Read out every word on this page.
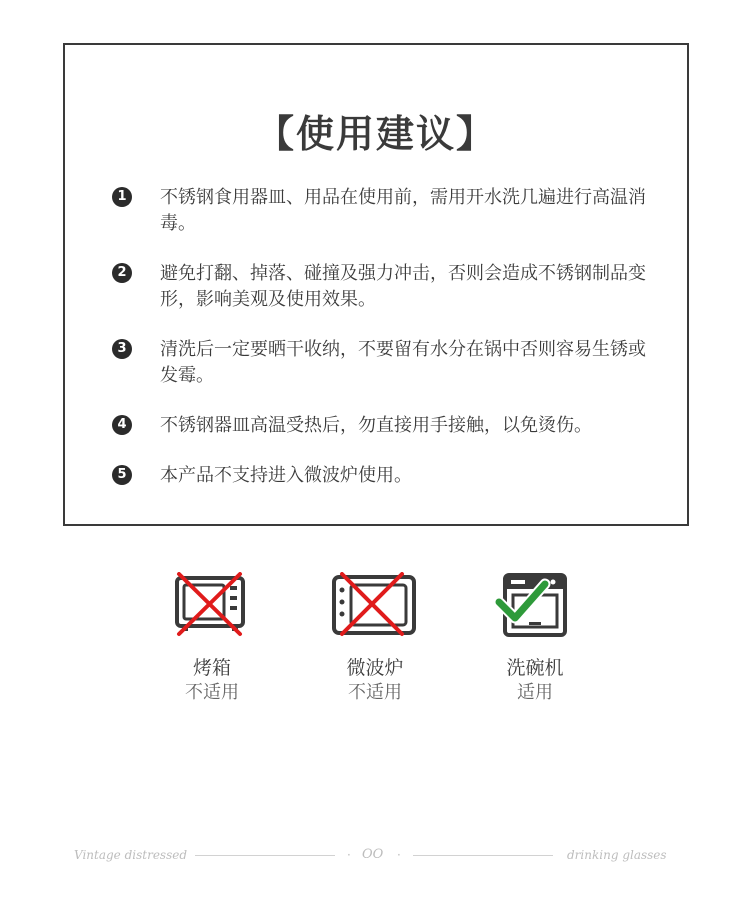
【使用建议】
1	不锈钢食用器皿、用品在使用前，需用开水洗几遍进行高温消毒。
2	避免打翻、掉落、碰撞及强力冲击，否则会造成不锈钢制品变形，影响美观及使用效果。
3	清洗后一定要晒干收纳，不要留有水分在锅中否则容易生锈或发霉。
4	不锈钢器皿高温受热后，勿直接用手接触，以免烫伤。
5	本产品不支持进入微波炉使用。
烤箱
不适用
微波炉
不适用
洗碗机
适用
Vintage distressed	· OO ·	drinking glasses
